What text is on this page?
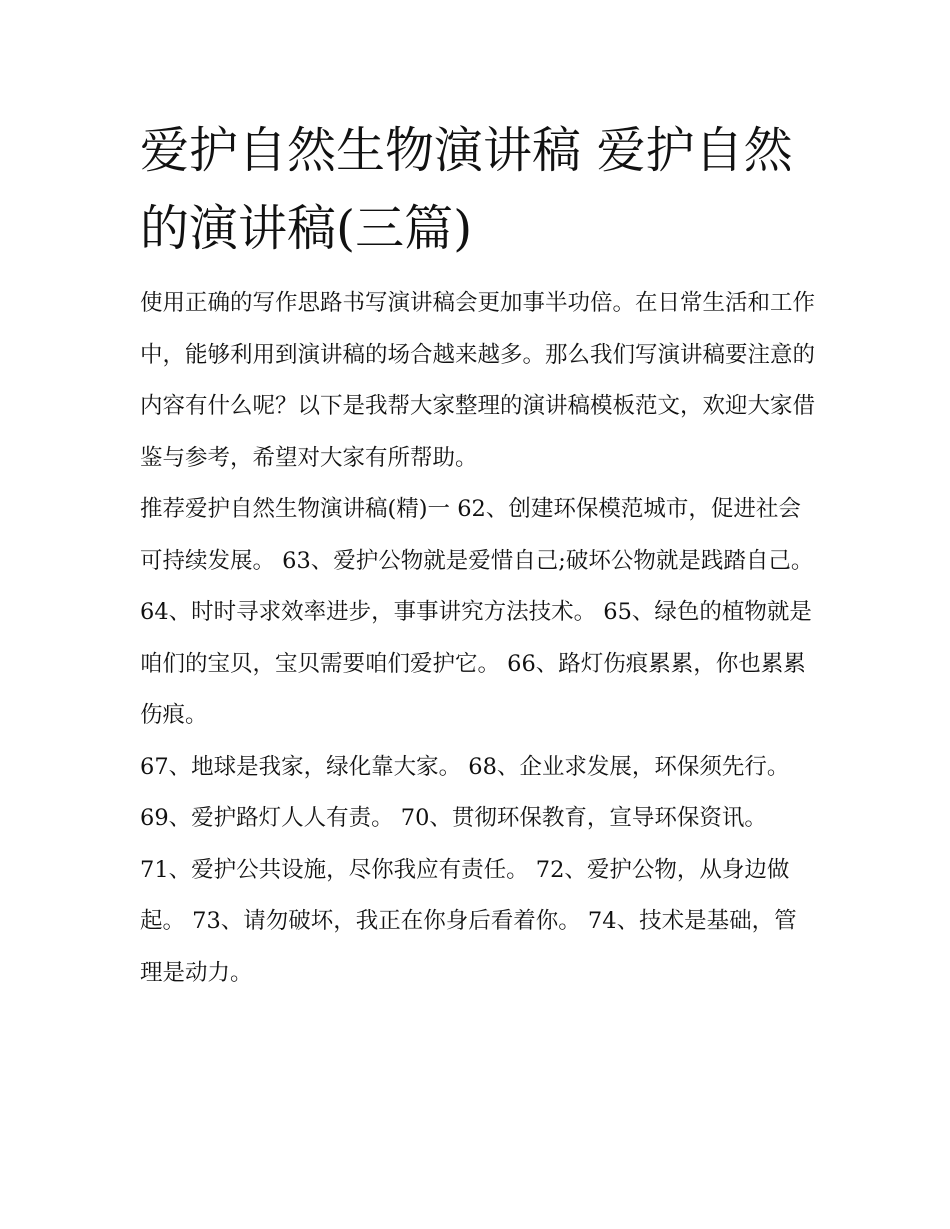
爱护自然生物演讲稿 爱护自然的演讲稿(三篇)

使用正确的写作思路书写演讲稿会更加事半功倍。在日常生活和工作中，能够利用到演讲稿的场合越来越多。那么我们写演讲稿要注意的内容有什么呢？以下是我帮大家整理的演讲稿模板范文，欢迎大家借鉴与参考，希望对大家有所帮助。

推荐爱护自然生物演讲稿(精)一 62、创建环保模范城市，促进社会可持续发展。 63、爱护公物就是爱惜自己;破坏公物就是践踏自己。

64、时时寻求效率进步，事事讲究方法技术。 65、绿色的植物就是咱们的宝贝，宝贝需要咱们爱护它。 66、路灯伤痕累累，你也累累伤痕。

67、地球是我家，绿化靠大家。 68、企业求发展，环保须先行。 69、爱护路灯人人有责。 70、贯彻环保教育，宣导环保资讯。

71、爱护公共设施，尽你我应有责任。 72、爱护公物，从身边做起。 73、请勿破坏，我正在你身后看着你。 74、技术是基础，管理是动力。
